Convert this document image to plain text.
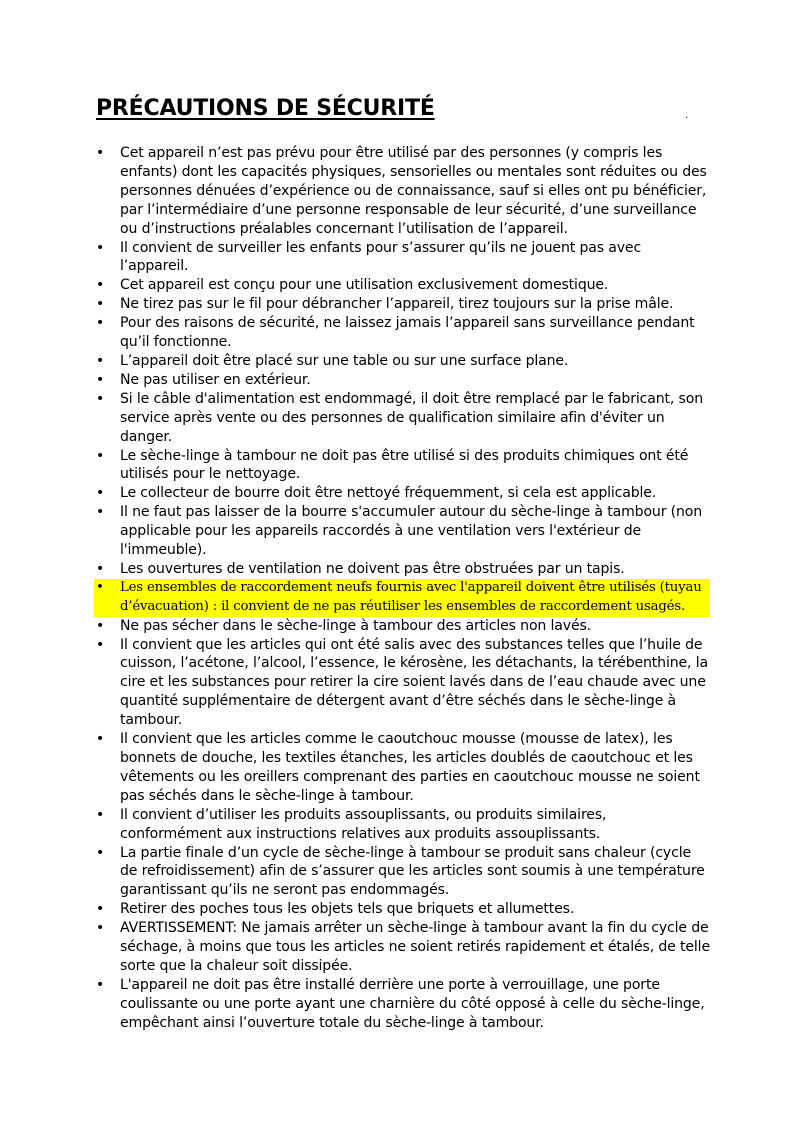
PRÉCAUTIONS DE SÉCURITÉ	.
• Cet appareil n’est pas prévu pour être utilisé par des personnes (y compris les enfants) dont les capacités physiques, sensorielles ou mentales sont réduites ou des personnes dénuées d’expérience ou de connaissance, sauf si elles ont pu bénéficier, par l’intermédiaire d’une personne responsable de leur sécurité, d’une surveillance ou d’instructions préalables concernant l’utilisation de l’appareil.
• Il convient de surveiller les enfants pour s’assurer qu’ils ne jouent pas avec l’appareil.
• Cet appareil est conçu pour une utilisation exclusivement domestique.
• Ne tirez pas sur le fil pour débrancher l’appareil, tirez toujours sur la prise mâle.
• Pour des raisons de sécurité, ne laissez jamais l’appareil sans surveillance pendant qu’il fonctionne.
• L’appareil doit être placé sur une table ou sur une surface plane.
• Ne pas utiliser en extérieur.
• Si le câble d'alimentation est endommagé, il doit être remplacé par le fabricant, son service après vente ou des personnes de qualification similaire afin d'éviter un danger.
• Le sèche-linge à tambour ne doit pas être utilisé si des produits chimiques ont été utilisés pour le nettoyage.
• Le collecteur de bourre doit être nettoyé fréquemment, si cela est applicable.
• Il ne faut pas laisser de la bourre s'accumuler autour du sèche-linge à tambour (non applicable pour les appareils raccordés à une ventilation vers l'extérieur de l'immeuble).
• Les ouvertures de ventilation ne doivent pas être obstruées par un tapis.
•	Les ensembles de raccordement neufs fournis avec l'appareil doivent être utilisés (tuyau d’évacuation) : il convient de ne pas réutiliser les ensembles de raccordement usagés.
• Ne pas sécher dans le sèche-linge à tambour des articles non lavés.
• Il convient que les articles qui ont été salis avec des substances telles que l’huile de cuisson, l’acétone, l’alcool, l’essence, le kérosène, les détachants, la térébenthine, la cire et les substances pour retirer la cire soient lavés dans de l’eau chaude avec une quantité supplémentaire de détergent avant d’être séchés dans le sèche-linge à tambour.
• Il convient que les articles comme le caoutchouc mousse (mousse de latex), les bonnets de douche, les textiles étanches, les articles doublés de caoutchouc et les vêtements ou les oreillers comprenant des parties en caoutchouc mousse ne soient pas séchés dans le sèche-linge à tambour.
• Il convient d’utiliser les produits assouplissants, ou produits similaires, conformément aux instructions relatives aux produits assouplissants.
• La partie finale d’un cycle de sèche-linge à tambour se produit sans chaleur (cycle de refroidissement) afin de s’assurer que les articles sont soumis à une température garantissant qu’ils ne seront pas endommagés.
• Retirer des poches tous les objets tels que briquets et allumettes.
• AVERTISSEMENT: Ne jamais arrêter un sèche-linge à tambour avant la fin du cycle de séchage, à moins que tous les articles ne soient retirés rapidement et étalés, de telle sorte que la chaleur soit dissipée.
• L'appareil ne doit pas être installé derrière une porte à verrouillage, une porte coulissante ou une porte ayant une charnière du côté opposé à celle du sèche-linge, empêchant ainsi l’ouverture totale du sèche-linge à tambour.
